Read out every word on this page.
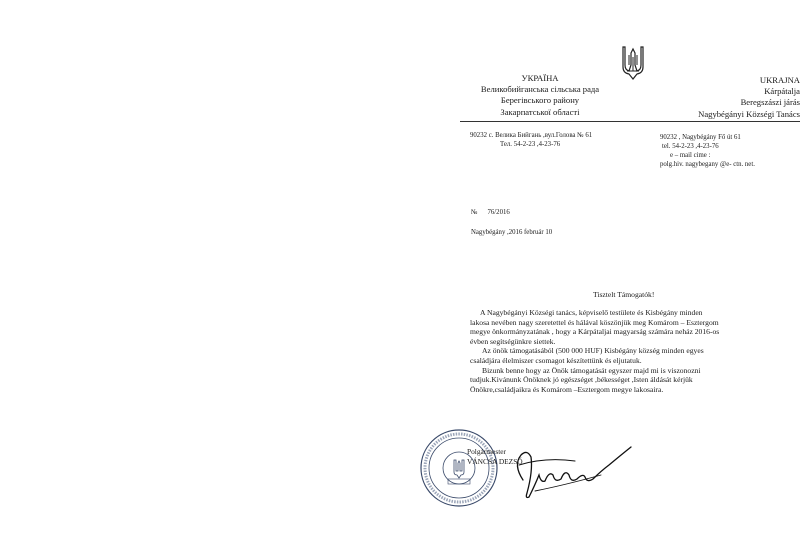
УКРАЇНА
Великобийганська сільська рада
Берегівського району
Закарпатської області
UKRAJNA
Kárpátalja
Beregszászi járás
Nagybégányi Községi Tanács
90232 с. Велика Бийгань ,вул.Голова № 61
Тел. 54-2-23 ,4-23-76
90232 , Nagybégány Fő út 61
tel. 54-2-23 ,4-23-76
e – mail cime :
polg.hiv. nagybegany @e- ctn. net.
№ 76/2016
Nagybégány ,2016 február 10
Tisztelt Támogatók!

A Nagybégányi Községi tanács, képviselő testülete és Kisbégány minden

lakosa nevében nagy szeretettel és hálával köszönjük meg Komárom – Esztergom

megye önkormányzatának , hogy a Kárpátaljai magyarság számára neház 2016-os

évben segítségünkre siettek.

Az önök támogatásából (500 000 HUF) Kisbégány község minden egyes

családjára élelmiszer csomagot készítettünk és eljutatuk.

Bizunk benne hogy az Önök támogatását egyszer majd mi is viszonozni

tudjuk.Kivánunk Önöknek jó egészséget ,békességet ,Isten áldását kérjük

Önökre,családjaikra és Komárom –Esztergom megye lakosaira.

Polgármester
VÁNCSA DEZSŐ
